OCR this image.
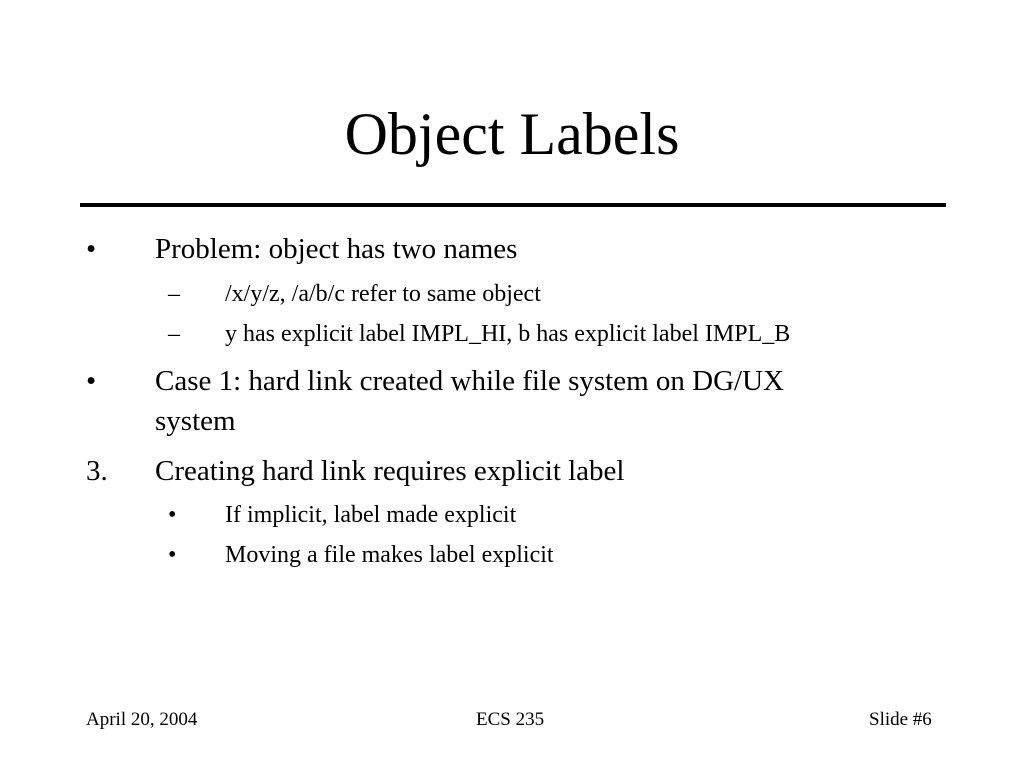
Object Labels
• Problem: object has two names
– /x/y/z, /a/b/c refer to same object
– y has explicit label IMPL_HI, b has explicit label IMPL_B
• Case 1: hard link created while file system on DG/UX
system
3. Creating hard link requires explicit label
• If implicit, label made explicit
• Moving a file makes label explicit
April 20, 2004	ECS 235	Slide #6
